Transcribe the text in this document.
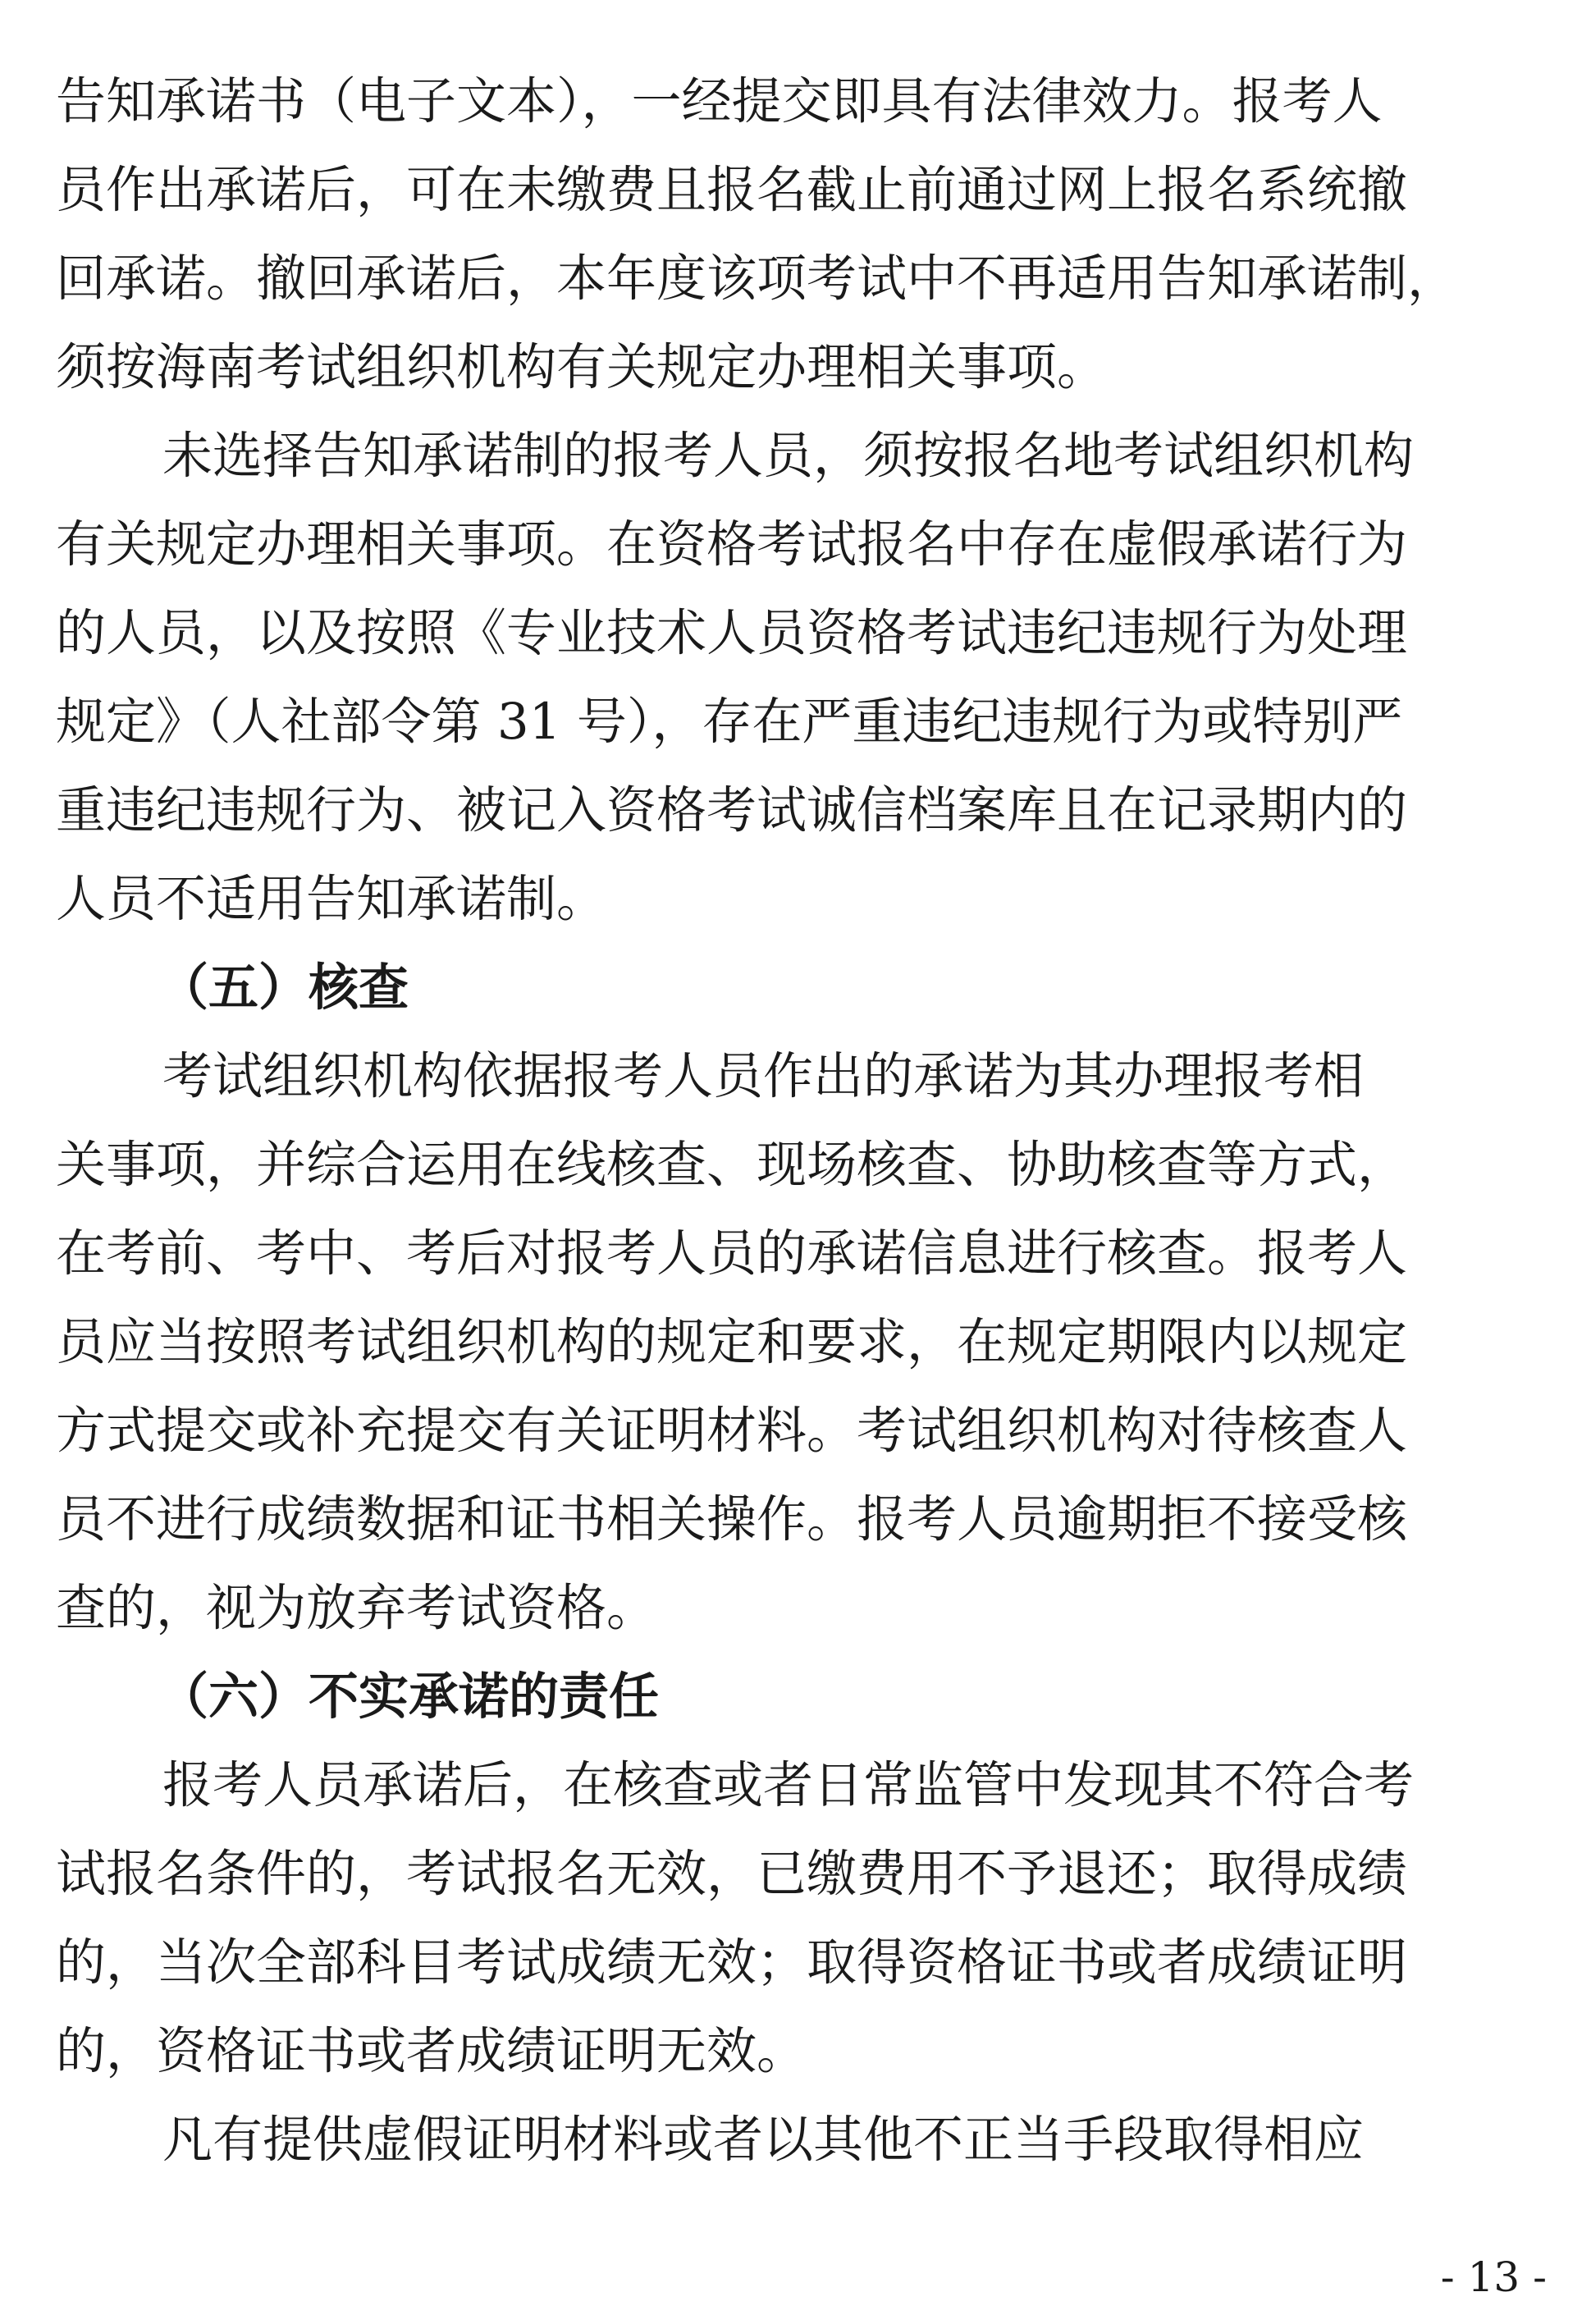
告知承诺书（电子文本），一经提交即具有法律效力。报考人
员作出承诺后，可在未缴费且报名截止前通过网上报名系统撤
回承诺。撤回承诺后，本年度该项考试中不再适用告知承诺制，
须按海南考试组织机构有关规定办理相关事项。
未选择告知承诺制的报考人员，须按报名地考试组织机构
有关规定办理相关事项。在资格考试报名中存在虚假承诺行为
的人员，以及按照《专业技术人员资格考试违纪违规行为处理
规定》（人社部令第 31 号），存在严重违纪违规行为或特别严
重违纪违规行为、被记入资格考试诚信档案库且在记录期内的
人员不适用告知承诺制。
（五）核查
考试组织机构依据报考人员作出的承诺为其办理报考相
关事项，并综合运用在线核查、现场核查、协助核查等方式，
在考前、考中、考后对报考人员的承诺信息进行核查。报考人
员应当按照考试组织机构的规定和要求，在规定期限内以规定
方式提交或补充提交有关证明材料。考试组织机构对待核查人
员不进行成绩数据和证书相关操作。报考人员逾期拒不接受核
查的，视为放弃考试资格。
（六）不实承诺的责任
报考人员承诺后，在核查或者日常监管中发现其不符合考
试报名条件的，考试报名无效，已缴费用不予退还；取得成绩
的，当次全部科目考试成绩无效；取得资格证书或者成绩证明
的，资格证书或者成绩证明无效。
凡有提供虚假证明材料或者以其他不正当手段取得相应
- 13 -
